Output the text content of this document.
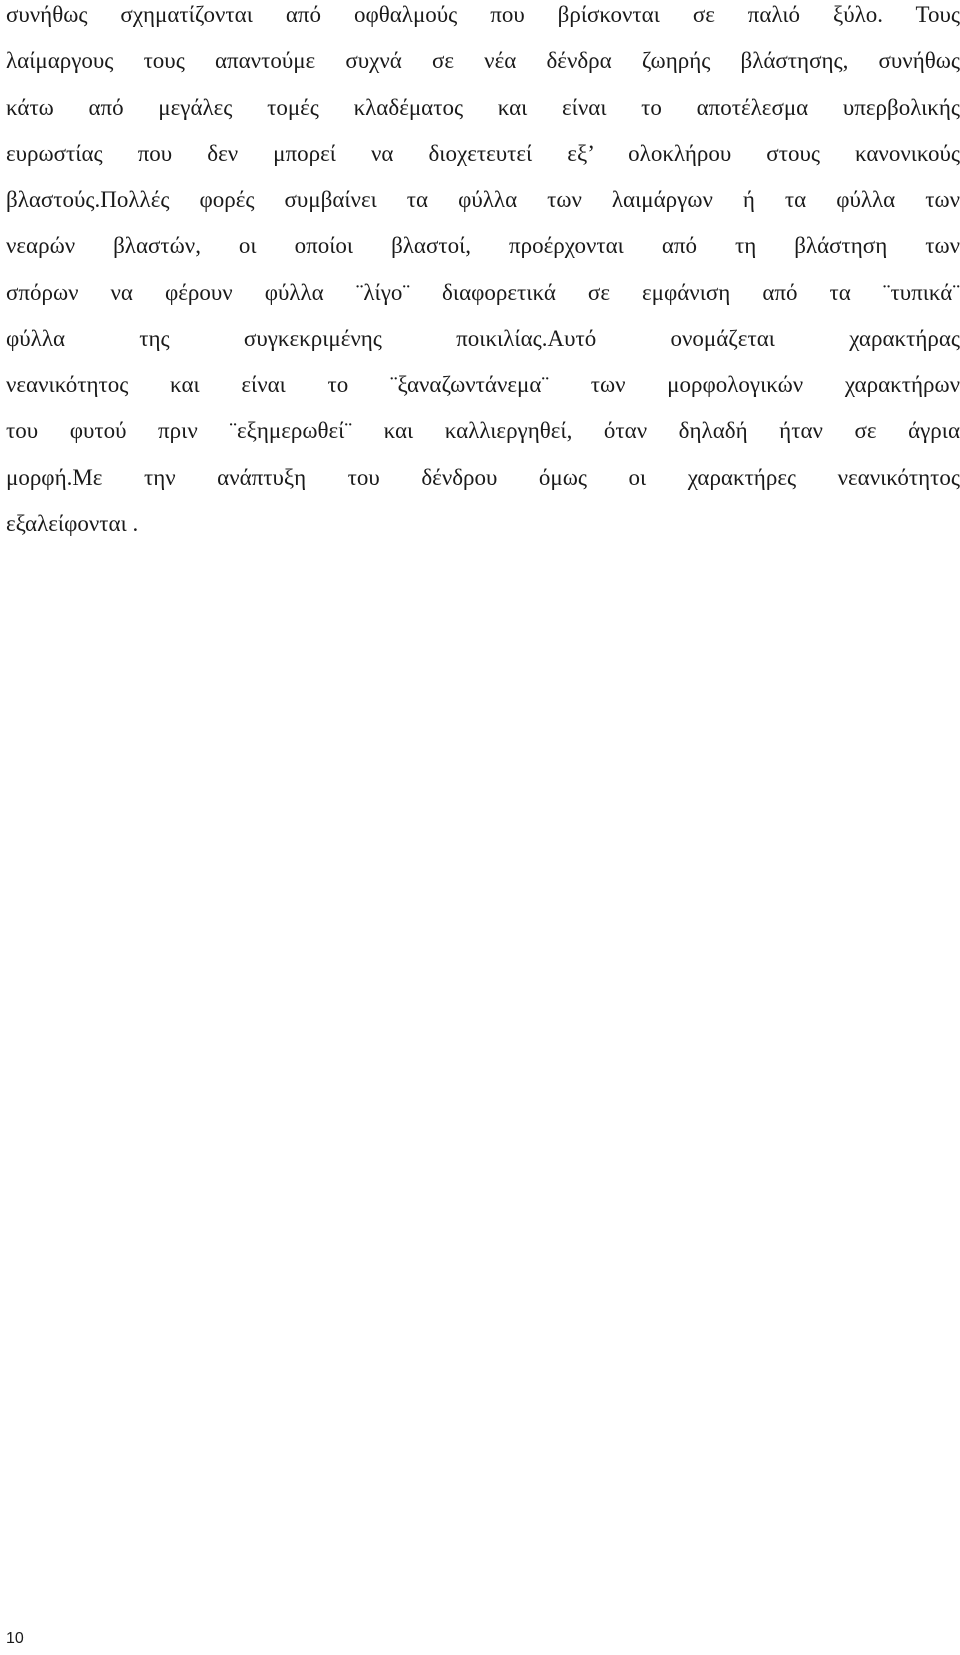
συνήθως σχηματίζονται από οφθαλμούς που βρίσκονται σε παλιό ξύλο. Τους
λαίμαργους τους απαντούμε συχνά σε νέα δένδρα ζωηρής βλάστησης, συνήθως
κάτω από μεγάλες τομές κλαδέματος και είναι το αποτέλεσμα υπερβολικής
ευρωστίας που δεν μπορεί να διοχετευτεί εξ’ ολοκλήρου στους κανονικούς
βλαστούς.Πολλές φορές συμβαίνει τα φύλλα των λαιμάργων ή τα φύλλα των
νεαρών βλαστών, οι οποίοι βλαστοί, προέρχονται από τη βλάστηση των
σπόρων να φέρουν φύλλα ¨λίγο¨ διαφορετικά σε εμφάνιση από τα ¨τυπικά¨
φύλλα της συγκεκριμένης ποικιλίας.Αυτό ονομάζεται χαρακτήρας
νεανικότητος και είναι το ¨ξαναζωντάνεμα¨ των μορφολογικών χαρακτήρων
του φυτού πριν ¨εξημερωθεί¨ και καλλιεργηθεί, όταν δηλαδή ήταν σε άγρια
μορφή.Με την ανάπτυξη του δένδρου όμως οι χαρακτήρες νεανικότητος
εξαλείφονται .
10
